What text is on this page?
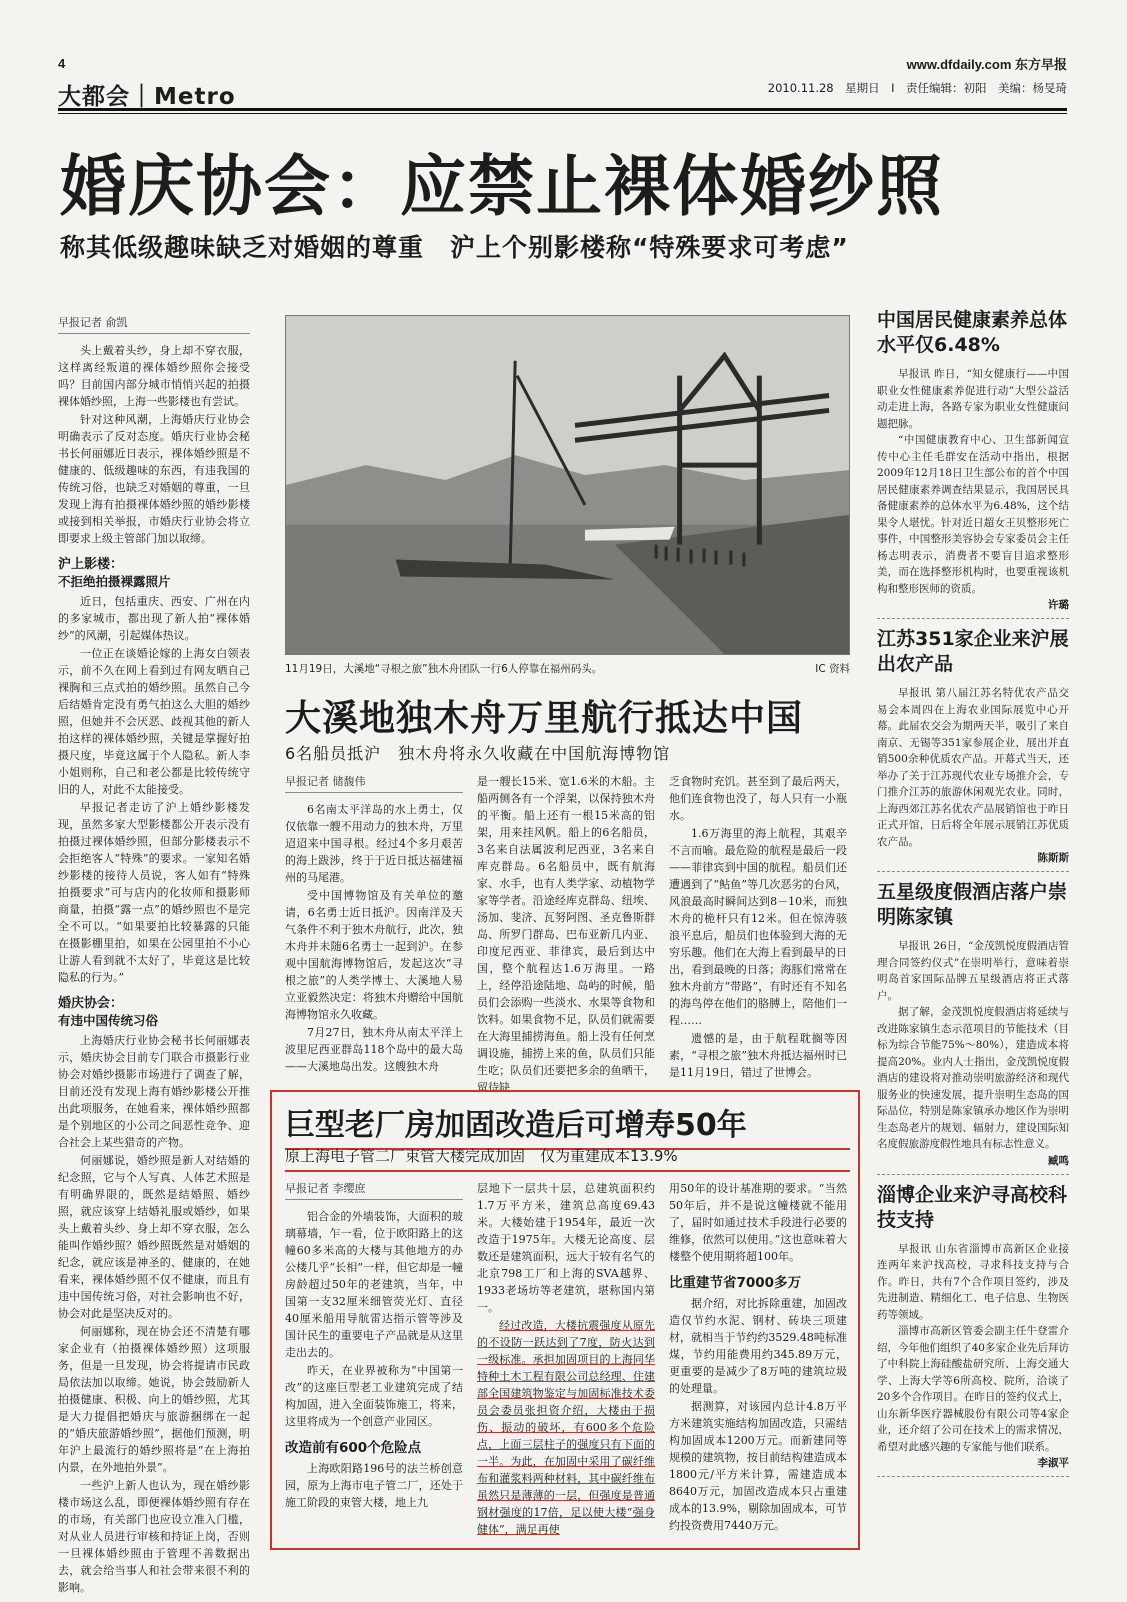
4
大都会｜Metro
www.dfdaily.com 东方早报
2010.11.28　星期日　I　责任编辑：初阳　美编：杨旻琦
婚庆协会：应禁止裸体婚纱照
称其低级趣味缺乏对婚姻的尊重　沪上个别影楼称“特殊要求可考虑”
早报记者 俞凯

头上戴着头纱，身上却不穿衣服，这样离经叛道的裸体婚纱照你会接受吗？目前国内部分城市悄悄兴起的拍摄裸体婚纱照，上海一些影楼也有尝试。

针对这种风潮，上海婚庆行业协会明确表示了反对态度。婚庆行业协会秘书长何丽娜近日表示，裸体婚纱照是不健康的、低级趣味的东西，有违我国的传统习俗，也缺乏对婚姻的尊重，一旦发现上海有拍摄裸体婚纱照的婚纱影楼或接到相关举报，市婚庆行业协会将立即要求上级主管部门加以取缔。

沪上影楼：
不拒绝拍摄裸露照片

近日，包括重庆、西安、广州在内的多家城市，都出现了新人拍“裸体婚纱”的风潮，引起媒体热议。

一位正在谈婚论嫁的上海女白领表示，前不久在网上看到过有网友晒自己裸胸和三点式拍的婚纱照。虽然自己今后结婚肯定没有勇气拍这么大胆的婚纱照，但她并不会厌恶、歧视其他的新人拍这样的裸体婚纱照，关键是掌握好拍摄尺度，毕竟这属于个人隐私。新人李小姐则称，自己和老公都是比较传统守旧的人，对此不太能接受。

早报记者走访了沪上婚纱影楼发现，虽然多家大型影楼都公开表示没有拍摄过裸体婚纱照，但部分影楼表示不会拒绝客人“特殊”的要求。一家知名婚纱影楼的接待人员说，客人如有“特殊拍摄要求”可与店内的化妆师和摄影师商量，拍摄“露一点”的婚纱照也不是完全不可以。“如果要拍比较暴露的只能在摄影棚里拍，如果在公园里拍不小心让游人看到就不太好了，毕竟这是比较隐私的行为。”

婚庆协会：
有违中国传统习俗

上海婚庆行业协会秘书长何丽娜表示，婚庆协会目前专门联合市摄影行业协会对婚纱摄影市场进行了调查了解，目前还没有发现上海有婚纱影楼公开推出此项服务，在她看来，裸体婚纱照都是个别地区的小公司之间恶性竞争、迎合社会上某些猎奇的产物。

何丽娜说，婚纱照是新人对结婚的纪念照，它与个人写真、人体艺术照是有明确界限的，既然是结婚照、婚纱照，就应该穿上结婚礼服或婚纱，如果头上戴着头纱、身上却不穿衣服，怎么能叫作婚纱照？婚纱照既然是对婚姻的纪念，就应该是神圣的、健康的，在她看来，裸体婚纱照不仅不健康，而且有违中国传统习俗，对社会影响也不好，协会对此是坚决反对的。

何丽娜称，现在协会还不清楚有哪家企业有（拍摄裸体婚纱照）这项服务，但是一旦发现，协会将提请市民政局依法加以取缔。她说，协会鼓励新人拍摄健康、积极、向上的婚纱照，尤其是大力提倡把婚庆与旅游捆绑在一起的“婚庆旅游婚纱照”，据他们预测，明年沪上最流行的婚纱照将是“在上海拍内景，在外地拍外景”。

一些沪上新人也认为，现在婚纱影楼市场这么乱，即便裸体婚纱照有存在的市场，有关部门也应设立准入门槛，对从业人员进行审核和持证上岗，否则一旦裸体婚纱照由于管理不善数据出去，就会给当事人和社会带来很不利的影响。

11月19日，大溪地“寻根之旅”独木舟团队一行6人停靠在福州码头。	IC 资料
大溪地独木舟万里航行抵达中国
6名船员抵沪　独木舟将永久收藏在中国航海博物馆
早报记者 储馥伟

6名南太平洋岛的水上勇士，仅仅依靠一艘不用动力的独木舟，万里迢迢来中国寻根。经过4个多月艰苦的海上跋涉，终于于近日抵达福建福州的马尾港。

受中国博物馆及有关单位的邀请，6名勇士近日抵沪。因南洋及天气条件不利于独木舟航行，此次，独木舟并未随6名勇士一起到沪。在参观中国航海博物馆后，发起这次“寻根之旅”的人类学博士、大溪地人易立亚毅然决定：将独木舟赠给中国航海博物馆永久收藏。

7月27日，独木舟从南太平洋上波里尼西亚群岛118个岛中的最大岛——大溪地岛出发。这艘独木舟

是一艘长15米、宽1.6米的木船。主船两侧各有一个浮架，以保持独木舟的平衡。船上还有一根15米高的铝架，用来挂风帆。船上的6名船员，3名来自法属波利尼西亚，3名来自库克群岛。6名船员中，既有航海家、水手，也有人类学家、动植物学家等学者。沿途经库克群岛、纽埃、汤加、斐济、瓦努阿图、圣克鲁斯群岛、所罗门群岛、巴布亚新几内亚、印度尼西亚、菲律宾，最后到达中国，整个航程达1.6万海里。一路上，经停沿途陆地、岛屿的时候，船员们会添购一些淡水、水果等食物和饮料。如果食物不足，队员们就需要在大海里捕捞海鱼。船上没有任何烹调设施，捕捞上来的鱼，队员们只能生吃；队员们还要把多余的鱼晒干，留待缺

乏食物时充饥。甚至到了最后两天，他们连食物也没了，每人只有一小瓶水。

1.6万海里的海上航程，其艰辛不言而喻。最危险的航程是最后一段——菲律宾到中国的航程。船员们还遭遇到了“鲇鱼”等几次恶劣的台风，风浪最高时瞬间达到8－10米，而独木舟的桅杆只有12米。但在惊涛骇浪平息后，船员们也体验到大海的无穷乐趣。他们在大海上看到最早的日出，看到最晚的日落；海豚们常常在独木舟前方“带路”，有时还有不知名的海鸟停在他们的胳膊上，陪他们一程……

遗憾的是，由于航程耽搁等因素，“寻根之旅”独木舟抵达福州时已是11月19日，错过了世博会。

巨型老厂房加固改造后可增寿50年
原上海电子管二厂束管大楼完成加固　仅为重建成本13.9%
早报记者 李缨庶

铝合金的外墙装饰，大面积的玻璃幕墙，乍一看，位于欧阳路上的这幢60多米高的大楼与其他地方的办公楼几乎“长相”一样，但它却是一幢房龄超过50年的老建筑，当年，中国第一支32厘米细管荧光灯、直径40厘米船用导航雷达指示管等涉及国计民生的重要电子产品就是从这里走出去的。

昨天，在业界被称为“中国第一改”的这座巨型老工业建筑完成了结构加固，进入全面装饰施工，将来，这里将成为一个创意产业园区。

改造前有600个危险点

上海欧阳路196号的法兰桥创意园，原为上海市电子管二厂，还处于施工阶段的束管大楼，地上九

层地下一层共十层，总建筑面积约1.7万平方米，建筑总高度69.43米。大楼始建于1954年，最近一次改造于1975年。大楼无论高度、层数还是建筑面积，远大于较有名气的北京798工厂和上海的SVA越界、1933老场坊等老建筑，堪称国内第一。

经过改造，大楼抗震强度从原先的不设防一跃达到了7度，防火达到一级标准。承担加固项目的上海同华特种土木工程有限公司总经理、住建部全国建筑物鉴定与加固标准技术委员会委员张担资介绍，大楼由于损伤、振动的破坏，有600多个危险点，上面三层柱子的强度只有下面的一半。为此，在加固中采用了碳纤维布和灌浆料两种材料，其中碳纤维布虽然只是薄薄的一层，但强度是普通钢材强度的17倍，足以使大楼“强身健体”，满足再使

用50年的设计基准期的要求。“当然50年后，并不是说这幢楼就不能用了，届时如通过技术手段进行必要的维修，依然可以使用。”这也意味着大楼整个使用期将超100年。

比重建节省7000多万

据介绍，对比拆除重建，加固改造仅节约水泥、钢材、砖块三项建材，就相当于节约约3529.48吨标准煤，节约用能费用约345.89万元，更重要的是减少了8万吨的建筑垃圾的处理量。

据测算，对该园内总计4.8万平方米建筑实施结构加固改造，只需结构加固成本1200万元。而新建同等规模的建筑物，按目前结构建造成本1800元/平方米计算，需建造成本8640万元，加固改造成本只占重建成本的13.9%，剔除加固成本，可节约投资费用7440万元。

中国居民健康素养总体水平仅6.48%

早报讯 昨日，“知女健康行——中国职业女性健康素养促进行动”大型公益活动走进上海，各路专家为职业女性健康问题把脉。

“中国健康教育中心、卫生部新闻宣传中心主任毛群安在活动中指出，根据2009年12月18日卫生部公布的首个中国居民健康素养调查结果显示，我国居民具备健康素养的总体水平为6.48%，这个结果令人堪忧。针对近日超女王贝整形死亡事件，中国整形美容协会专家委员会主任杨志明表示，消费者不要盲目追求整形美，而在选择整形机构时，也要重视该机构和整形医师的资质。

许璐
江苏351家企业来沪展出农产品

早报讯 第八届江苏名特优农产品交易会本周四在上海农业国际展览中心开幕。此届农交会为期两天半，吸引了来自南京、无锡等351家参展企业，展出并直销500余种优质农产品。开幕式当天，还举办了关于江苏现代农业专场推介会，专门推介江苏的旅游休闲观光农业。同时，上海西郊江苏名优农产品展销馆也于昨日正式开馆，日后将全年展示展销江苏优质农产品。

陈斯斯
五星级度假酒店落户崇明陈家镇

早报讯 26日，“金茂凯悦度假酒店管理合同签约仪式”在崇明举行，意味着崇明岛首家国际品牌五星级酒店将正式落户。

据了解，金茂凯悦度假酒店将延续与改进陈家镇生态示范项目的节能技术（目标为综合节能75%～80%），建造成本将提高20%。业内人士指出，金茂凯悦度假酒店的建设将对推动崇明旅游经济和现代服务业的快速发展，提升崇明生态岛的国际品位，特别是陈家镇承办地区作为崇明生态岛老片的规划、辐射力，建设国际知名度假旅游度假性地具有标志性意义。

臧鸣
淄博企业来沪寻高校科技支持

早报讯 山东省淄博市高新区企业接连两年来沪找高校，寻求科技支持与合作。昨日，共有7个合作项目签约，涉及先进制造、精细化工、电子信息、生物医药等领域。

淄博市高新区管委会副主任牛登雷介绍，今年他们组织了40多家企业先后拜访了中科院上海硅酸盐研究所、上海交通大学、上海大学等6所高校、院所，洽谈了20多个合作项目。在昨日的签约仪式上，山东新华医疗器械股份有限公司等4家企业，还介绍了公司在技术上的需求情况，希望对此感兴趣的专家能与他们联系。

李淑平
